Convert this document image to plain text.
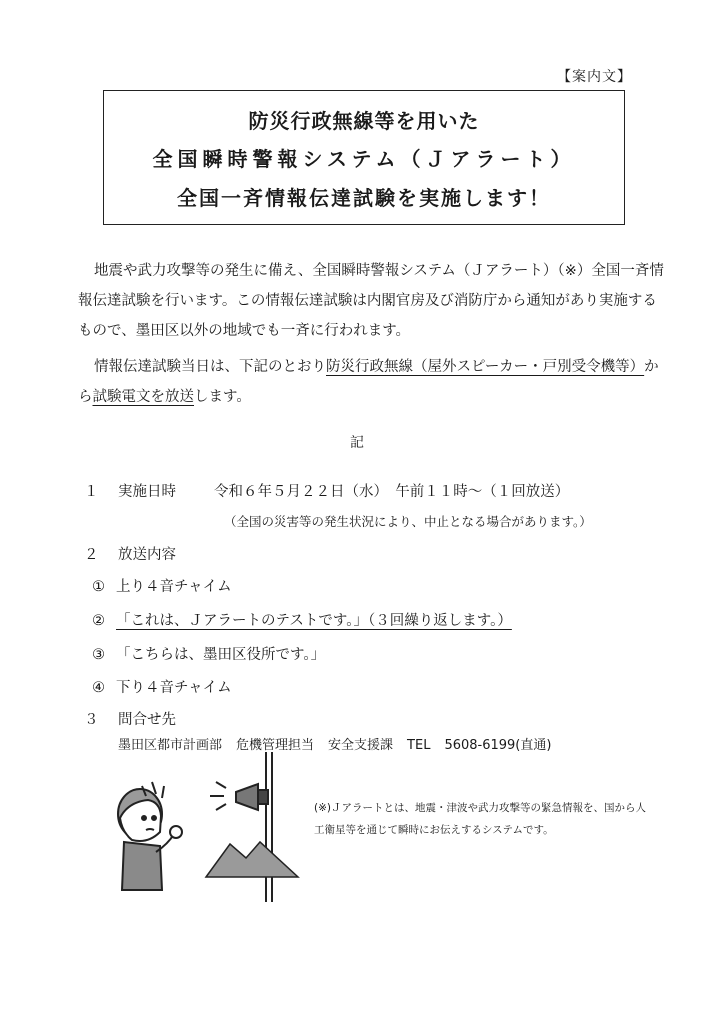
【案内文】
防災行政無線等を用いた
全国瞬時警報システム（Ｊアラート）
全国一斉情報伝達試験を実施します！
地震や武力攻撃等の発生に備え、全国瞬時警報システム（Ｊアラート）（※）全国一斉情報伝達試験を行います。この情報伝達試験は内閣官房及び消防庁から通知があり実施するもので、墨田区以外の地域でも一斉に行われます。
情報伝達試験当日は、下記のとおり防災行政無線（屋外スピーカー・戸別受令機等）から試験電文を放送します。
記
１ 実施日時	令和６年５月２２日（水）　午前１１時～（１回放送）
（全国の災害等の発生状況により、中止となる場合があります。）
２ 放送内容
① 上り４音チャイム
② 「これは、Ｊアラートのテストです。」（３回繰り返します。）
③ 「こちらは、墨田区役所です。」
④ 下り４音チャイム
３ 問合せ先
墨田区都市計画部 危機管理担当 安全支援課 TEL 5608-6199(直通)
(※)Ｊアラートとは、地震・津波や武力攻撃等の緊急情報を、国から人工衛星等を通じて瞬時にお伝えするシステムです。
